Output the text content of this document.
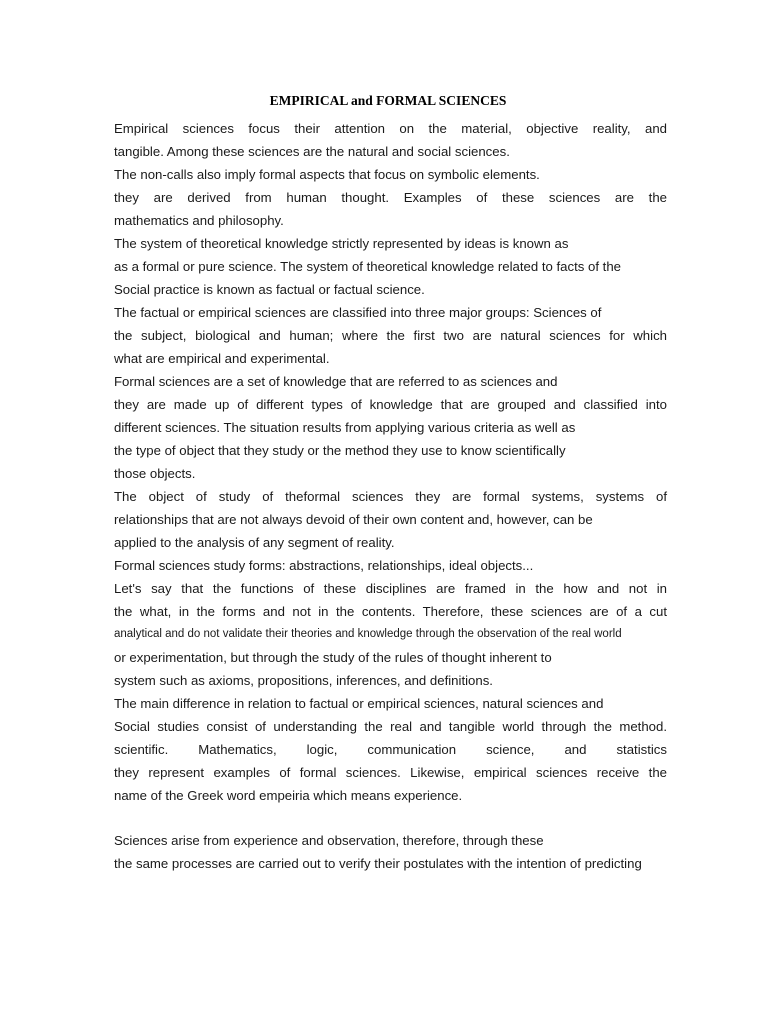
EMPIRICAL and FORMAL SCIENCES
Empirical sciences focus their attention on the material, objective reality, and
tangible. Among these sciences are the natural and social sciences.
The non-calls also imply formal aspects that focus on symbolic elements.
they are derived from human thought. Examples of these sciences are the
mathematics and philosophy.
The system of theoretical knowledge strictly represented by ideas is known as
as a formal or pure science. The system of theoretical knowledge related to facts of the
Social practice is known as factual or factual science.
The factual or empirical sciences are classified into three major groups: Sciences of
the subject, biological and human; where the first two are natural sciences for which
what are empirical and experimental.
Formal sciences are a set of knowledge that are referred to as sciences and
they are made up of different types of knowledge that are grouped and classified into
different sciences. The situation results from applying various criteria as well as
the type of object that they study or the method they use to know scientifically
those objects.
The object of study of theformal sciences they are formal systems, systems of
relationships that are not always devoid of their own content and, however, can be
applied to the analysis of any segment of reality.
Formal sciences study forms: abstractions, relationships, ideal objects...
Let's say that the functions of these disciplines are framed in the how and not in
the what, in the forms and not in the contents. Therefore, these sciences are of a cut
analytical and do not validate their theories and knowledge through the observation of the real world
or experimentation, but through the study of the rules of thought inherent to
system such as axioms, propositions, inferences, and definitions.
The main difference in relation to factual or empirical sciences, natural sciences and
Social studies consist of understanding the real and tangible world through the method.
scientific. Mathematics, logic, communication science, and statistics
they represent examples of formal sciences. Likewise, empirical sciences receive the
name of the Greek word empeiria which means experience.
Sciences arise from experience and observation, therefore, through these
the same processes are carried out to verify their postulates with the intention of predicting
